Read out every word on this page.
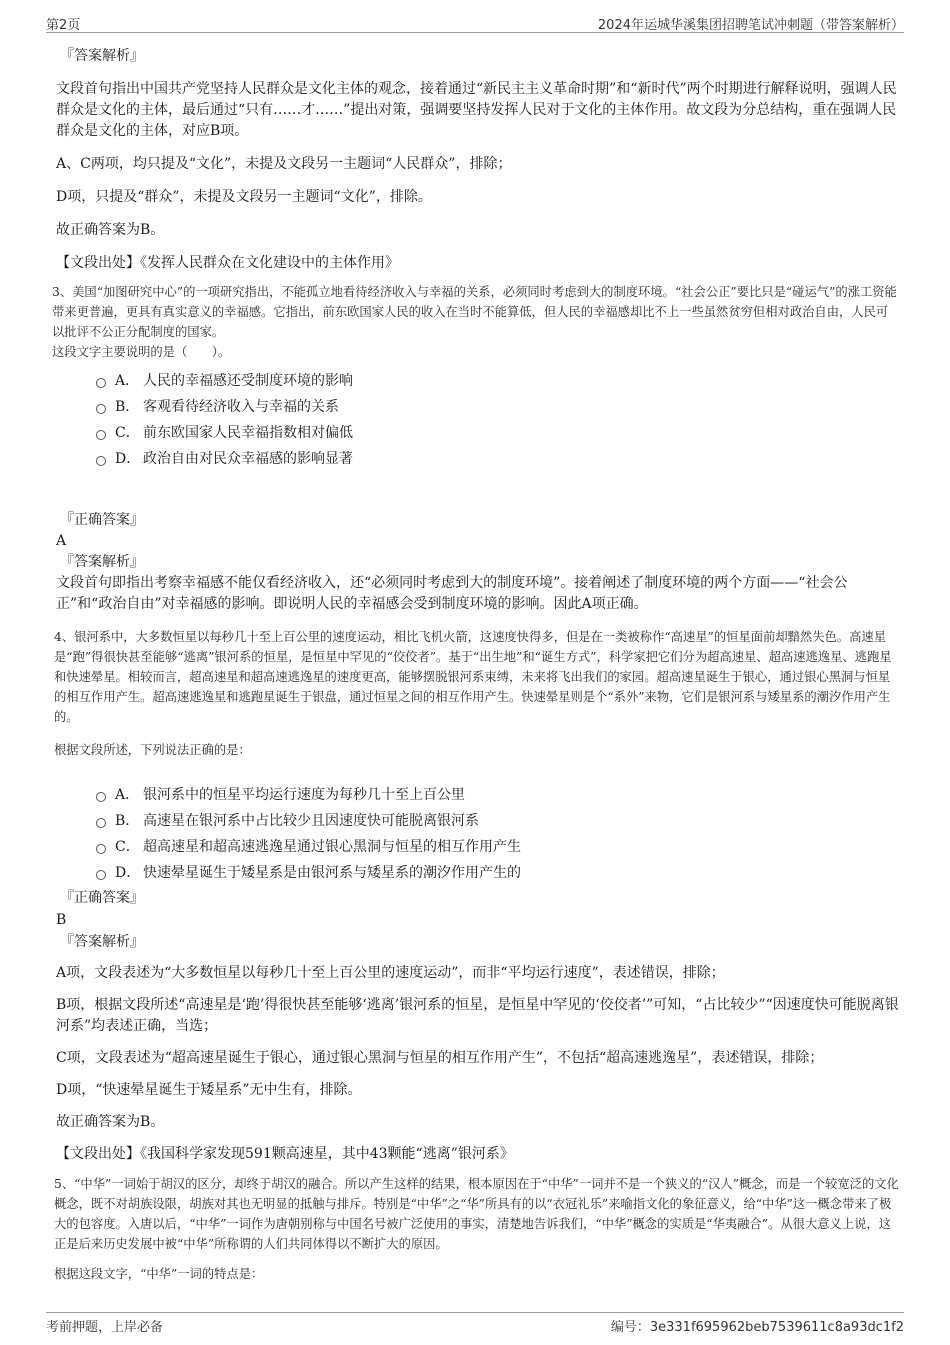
第2页	2024年运城华溪集团招聘笔试冲刺题（带答案解析）

『答案解析』

文段首句指出中国共产党坚持人民群众是文化主体的观念，接着通过“新民主主义革命时期”和“新时代”两个时期进行解释说明，强调人民群众是文化的主体，最后通过“只有……才……”提出对策，强调要坚持发挥人民对于文化的主体作用。故文段为分总结构，重在强调人民群众是文化的主体，对应B项。

A、C两项，均只提及“文化”，未提及文段另一主题词“人民群众”，排除；

D项，只提及“群众”，未提及文段另一主题词“文化”，排除。

故正确答案为B。

【文段出处】《发挥人民群众在文化建设中的主体作用》

3、美国“加图研究中心”的一项研究指出，不能孤立地看待经济收入与幸福的关系，必须同时考虑到大的制度环境。“社会公正”要比只是“碰运气”的涨工资能带来更普遍，更具有真实意义的幸福感。它指出，前东欧国家人民的收入在当时不能算低，但人民的幸福感却比不上一些虽然贫穷但相对政治自由，人民可以批评不公正分配制度的国家。

这段文字主要说明的是（　　）。

A． 人民的幸福感还受制度环境的影响

B． 客观看待经济收入与幸福的关系

C． 前东欧国家人民幸福指数相对偏低

D． 政治自由对民众幸福感的影响显著

『正确答案』

A

『答案解析』

文段首句即指出考察幸福感不能仅看经济收入，还“必须同时考虑到大的制度环境”。接着阐述了制度环境的两个方面——“社会公正”和“政治自由”对幸福感的影响。即说明人民的幸福感会受到制度环境的影响。因此A项正确。

4、银河系中，大多数恒星以每秒几十至上百公里的速度运动，相比飞机火箭，这速度快得多，但是在一类被称作“高速星”的恒星面前却黯然失色。高速星是“跑”得很快甚至能够“逃离”银河系的恒星，是恒星中罕见的“佼佼者”。基于“出生地”和“诞生方式”，科学家把它们分为超高速星、超高速逃逸星、逃跑星和快速晕星。相较而言，超高速星和超高速逃逸星的速度更高，能够摆脱银河系束缚，未来将飞出我们的家园。超高速星诞生于银心，通过银心黑洞与恒星的相互作用产生。超高速逃逸星和逃跑星诞生于银盘，通过恒星之间的相互作用产生。快速晕星则是个“系外”来物，它们是银河系与矮星系的潮汐作用产生的。

根据文段所述，下列说法正确的是：

A． 银河系中的恒星平均运行速度为每秒几十至上百公里

B． 高速星在银河系中占比较少且因速度快可能脱离银河系

C． 超高速星和超高速逃逸星通过银心黑洞与恒星的相互作用产生

D． 快速晕星诞生于矮星系是由银河系与矮星系的潮汐作用产生的

『正确答案』

B

『答案解析』

A项，文段表述为“大多数恒星以每秒几十至上百公里的速度运动”，而非“平均运行速度”，表述错误，排除；

B项，根据文段所述“高速星是‘跑’得很快甚至能够‘逃离’银河系的恒星，是恒星中罕见的‘佼佼者’”可知，“占比较少”“因速度快可能脱离银河系”均表述正确，当选；

C项，文段表述为“超高速星诞生于银心，通过银心黑洞与恒星的相互作用产生”，不包括“超高速逃逸星”，表述错误，排除；

D项，“快速晕星诞生于矮星系”无中生有，排除。

故正确答案为B。

【文段出处】《我国科学家发现591颗高速星，其中43颗能“逃离”银河系》

5、“中华”一词始于胡汉的区分，却终于胡汉的融合。所以产生这样的结果，根本原因在于“中华”一词并不是一个狭义的“汉人”概念，而是一个较宽泛的文化概念，既不对胡族设限，胡族对其也无明显的抵触与排斥。特别是“中华”之“华”所具有的以“衣冠礼乐”来喻指文化的象征意义，给“中华”这一概念带来了极大的包容度。入唐以后，“中华”一词作为唐朝别称与中国名号被广泛使用的事实，清楚地告诉我们，“中华”概念的实质是“华夷融合”。从很大意义上说，这正是后来历史发展中被“中华”所称谓的人们共同体得以不断扩大的原因。

根据这段文字，“中华”一词的特点是：

考前押题，上岸必备	编号：3e331f695962beb7539611c8a93dc1f2
